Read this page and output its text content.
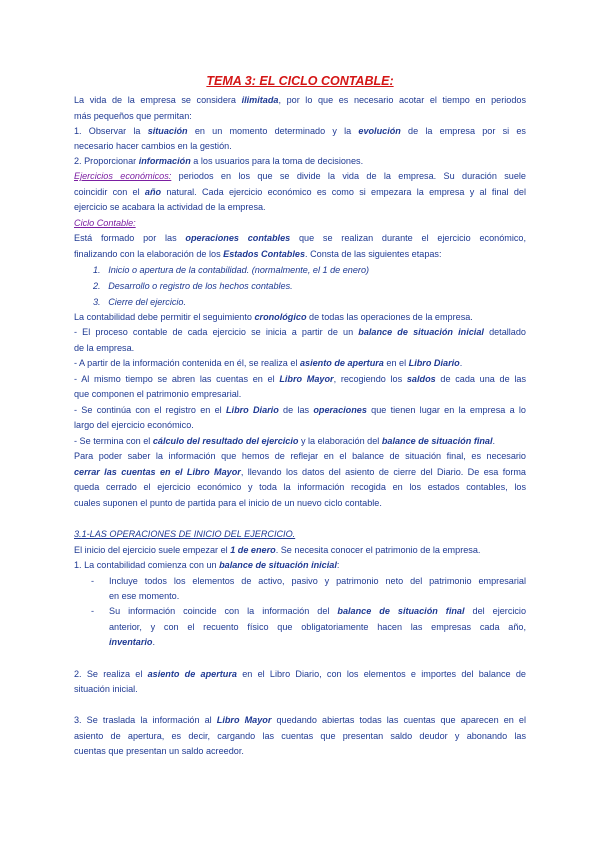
TEMA 3: EL CICLO CONTABLE:
La vida de la empresa se considera ilimitada, por lo que es necesario acotar el tiempo en periodos
más pequeños que permitan:
1. Observar la situación en un momento determinado y la evolución de la empresa por si es
necesario hacer cambios en la gestión.
2. Proporcionar información a los usuarios para la toma de decisiones.
Ejercicios económicos: periodos en los que se divide la vida de la empresa. Su duración suele
coincidir con el año natural. Cada ejercicio económico es como si empezara la empresa y al final del
ejercicio se acabara la actividad de la empresa.
Ciclo Contable:
Está formado por las operaciones contables que se realizan durante el ejercicio económico,
finalizando con la elaboración de los Estados Contables. Consta de las siguientes etapas:
1. Inicio o apertura de la contabilidad. (normalmente, el 1 de enero)
2. Desarrollo o registro de los hechos contables.
3. Cierre del ejercicio.
La contabilidad debe permitir el seguimiento cronológico de todas las operaciones de la empresa.
- El proceso contable de cada ejercicio se inicia a partir de un balance de situación inicial detallado
de la empresa.
- A partir de la información contenida en él, se realiza el asiento de apertura en el Libro Diario.
- Al mismo tiempo se abren las cuentas en el Libro Mayor, recogiendo los saldos de cada una de las
que componen el patrimonio empresarial.
- Se continúa con el registro en el Libro Diario de las operaciones que tienen lugar en la empresa a lo
largo del ejercicio económico.
- Se termina con el cálculo del resultado del ejercicio y la elaboración del balance de situación final.
Para poder saber la información que hemos de reflejar en el balance de situación final, es necesario
cerrar las cuentas en el Libro Mayor, llevando los datos del asiento de cierre del Diario. De esa forma
queda cerrado el ejercicio económico y toda la información recogida en los estados contables, los
cuales suponen el punto de partida para el inicio de un nuevo ciclo contable.
3.1-LAS OPERACIONES DE INICIO DEL EJERCICIO.
El inicio del ejercicio suele empezar el 1 de enero. Se necesita conocer el patrimonio de la empresa.
1. La contabilidad comienza con un balance de situación inicial:
-	Incluye todos los elementos de activo, pasivo y patrimonio neto del patrimonio empresarial
en ese momento.
-	Su información coincide con la información del balance de situación final del ejercicio
anterior, y con el recuento físico que obligatoriamente hacen las empresas cada año,
inventario.
2. Se realiza el asiento de apertura en el Libro Diario, con los elementos e importes del balance de
situación inicial.
3. Se traslada la información al Libro Mayor quedando abiertas todas las cuentas que aparecen en el
asiento de apertura, es decir, cargando las cuentas que presentan saldo deudor y abonando las
cuentas que presentan un saldo acreedor.
